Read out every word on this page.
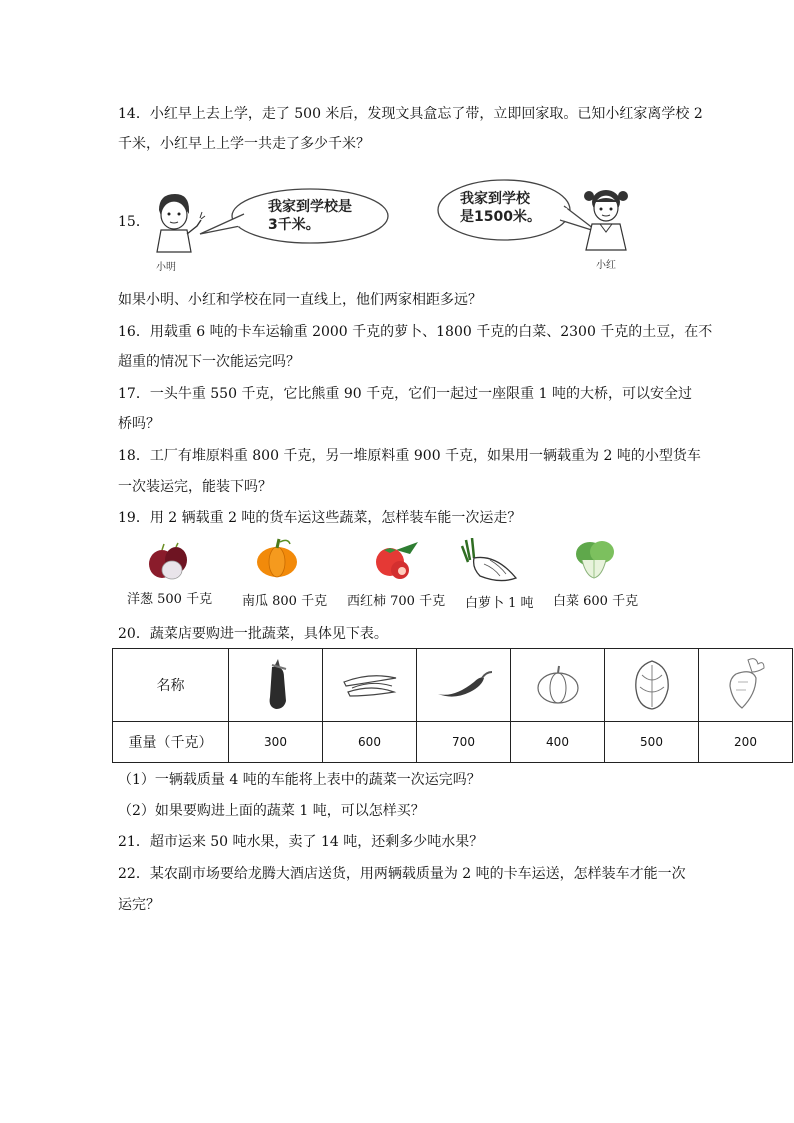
14．小红早上去上学，走了 500 米后，发现文具盒忘了带，立即回家取。已知小红家离学校 2
千米，小红早上上学一共走了多少千米？
15．
小明
我家到学校是
3千米。
我家到学校
是1500米。
小红
如果小明、小红和学校在同一直线上，他们两家相距多远？
16．用载重 6 吨的卡车运输重 2000 千克的萝卜、1800 千克的白菜、2300 千克的土豆，在不
超重的情况下一次能运完吗？
17．一头牛重 550 千克，它比熊重 90 千克，它们一起过一座限重 1 吨的大桥，可以安全过
桥吗？
18．工厂有堆原料重 800 千克，另一堆原料重 900 千克，如果用一辆载重为 2 吨的小型货车
一次装运完，能装下吗？
19．用 2 辆载重 2 吨的货车运这些蔬菜，怎样装车能一次运走？
洋葱 500 千克 南瓜 800 千克 西红柿 700 千克 白萝卜 1 吨 白菜 600 千克
20．蔬菜店要购进一批蔬菜，具体见下表。
名称						
重量（千克）	300	600	700	400	500	200
（1）一辆载质量 4 吨的车能将上表中的蔬菜一次运完吗？
（2）如果要购进上面的蔬菜 1 吨，可以怎样买？
21．超市运来 50 吨水果，卖了 14 吨，还剩多少吨水果？
22．某农副市场要给龙腾大酒店送货，用两辆载质量为 2 吨的卡车运送，怎样装车才能一次
运完？
